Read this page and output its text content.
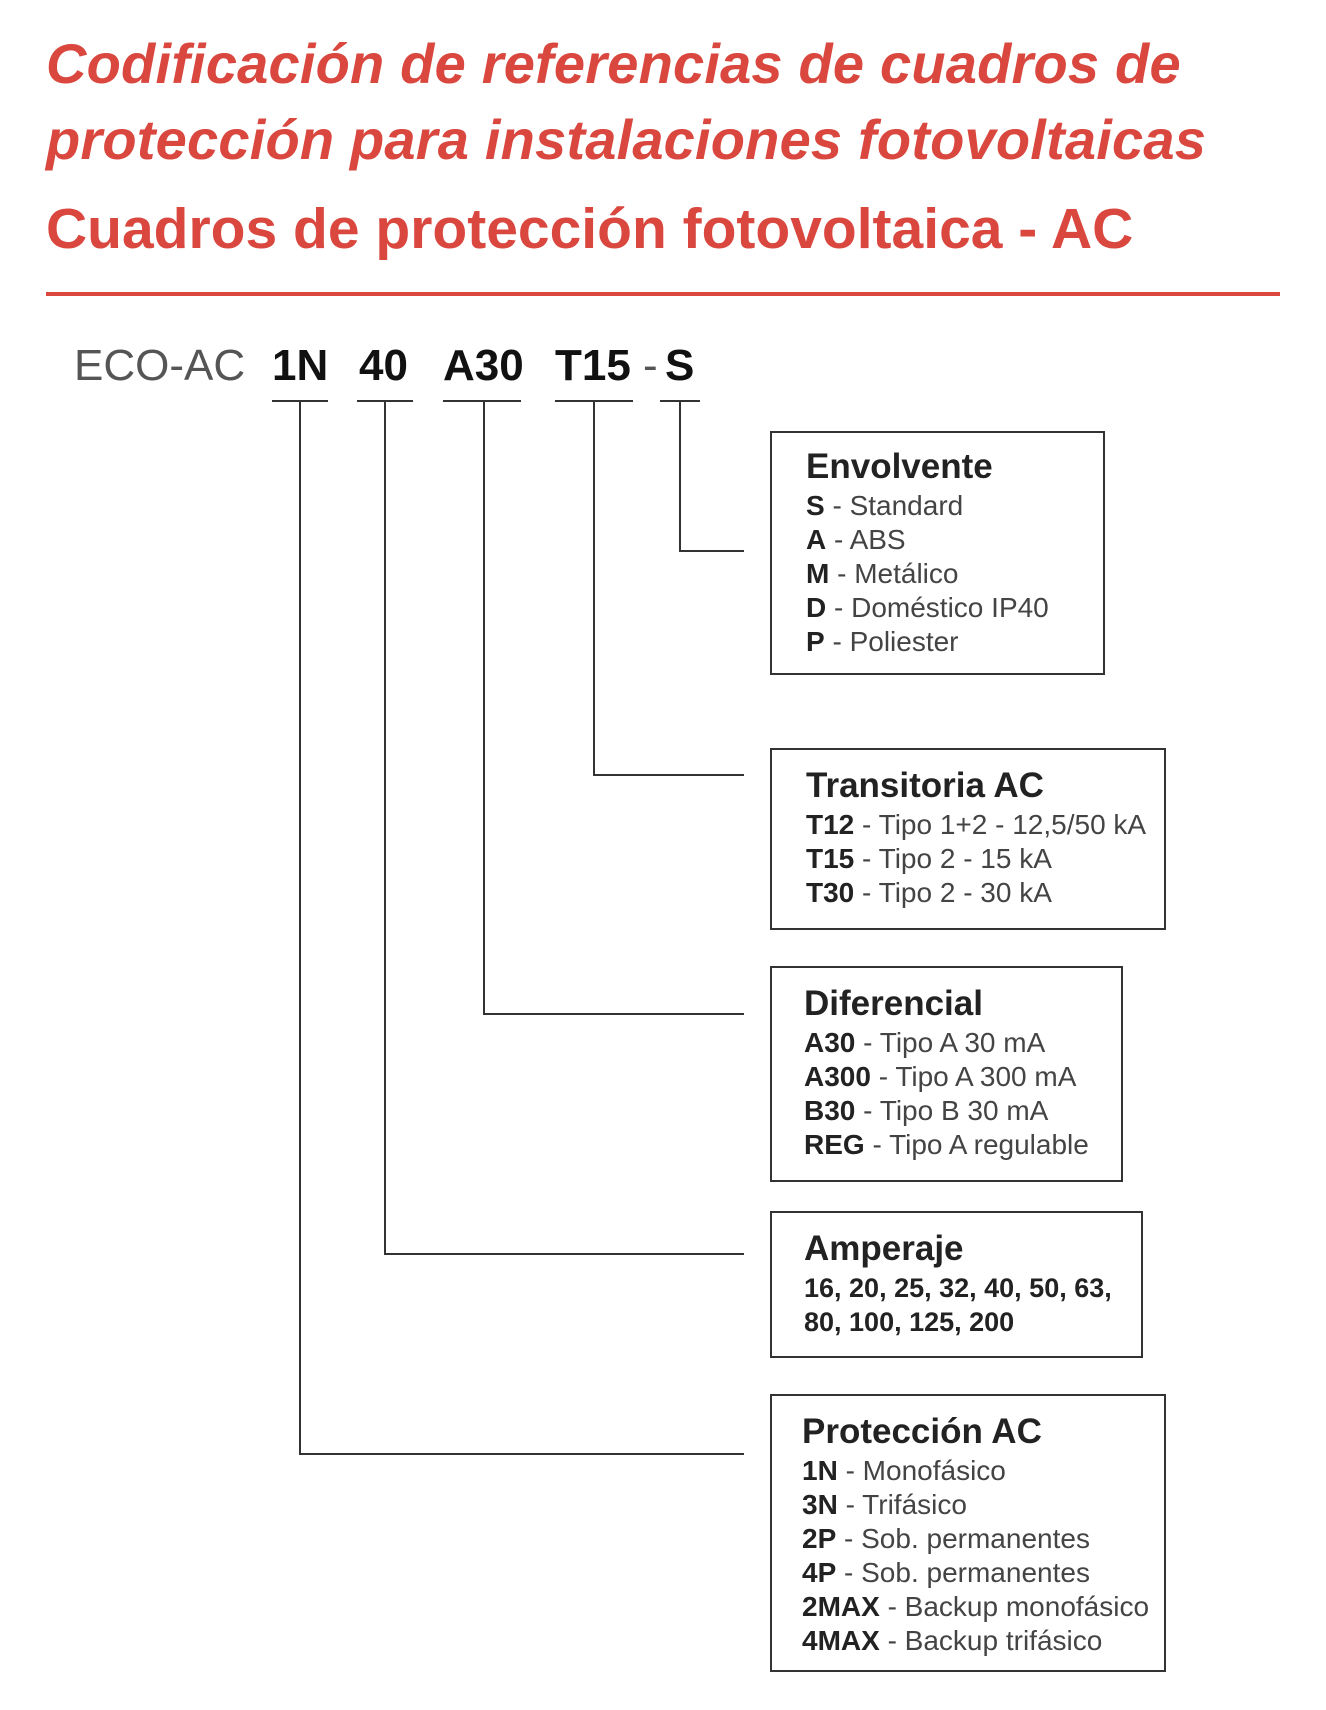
Codificación de referencias de cuadros de protección para instalaciones fotovoltaicas
Cuadros de protección fotovoltaica - AC
ECO-AC 1N 40 A30 T15 - S
Envolvente
S - Standard
A - ABS
M - Metálico
D - Doméstico IP40
P - Poliester
Transitoria AC
T12 - Tipo 1+2 - 12,5/50 kA
T15 - Tipo 2 - 15 kA
T30 - Tipo 2 - 30 kA
Diferencial
A30 - Tipo A 30 mA
A300 - Tipo A 300 mA
B30 - Tipo B 30 mA
REG - Tipo A regulable
Amperaje
16, 20, 25, 32, 40, 50, 63,
80, 100, 125, 200
Protección AC
1N - Monofásico
3N - Trifásico
2P - Sob. permanentes
4P - Sob. permanentes
2MAX - Backup monofásico
4MAX - Backup trifásico
